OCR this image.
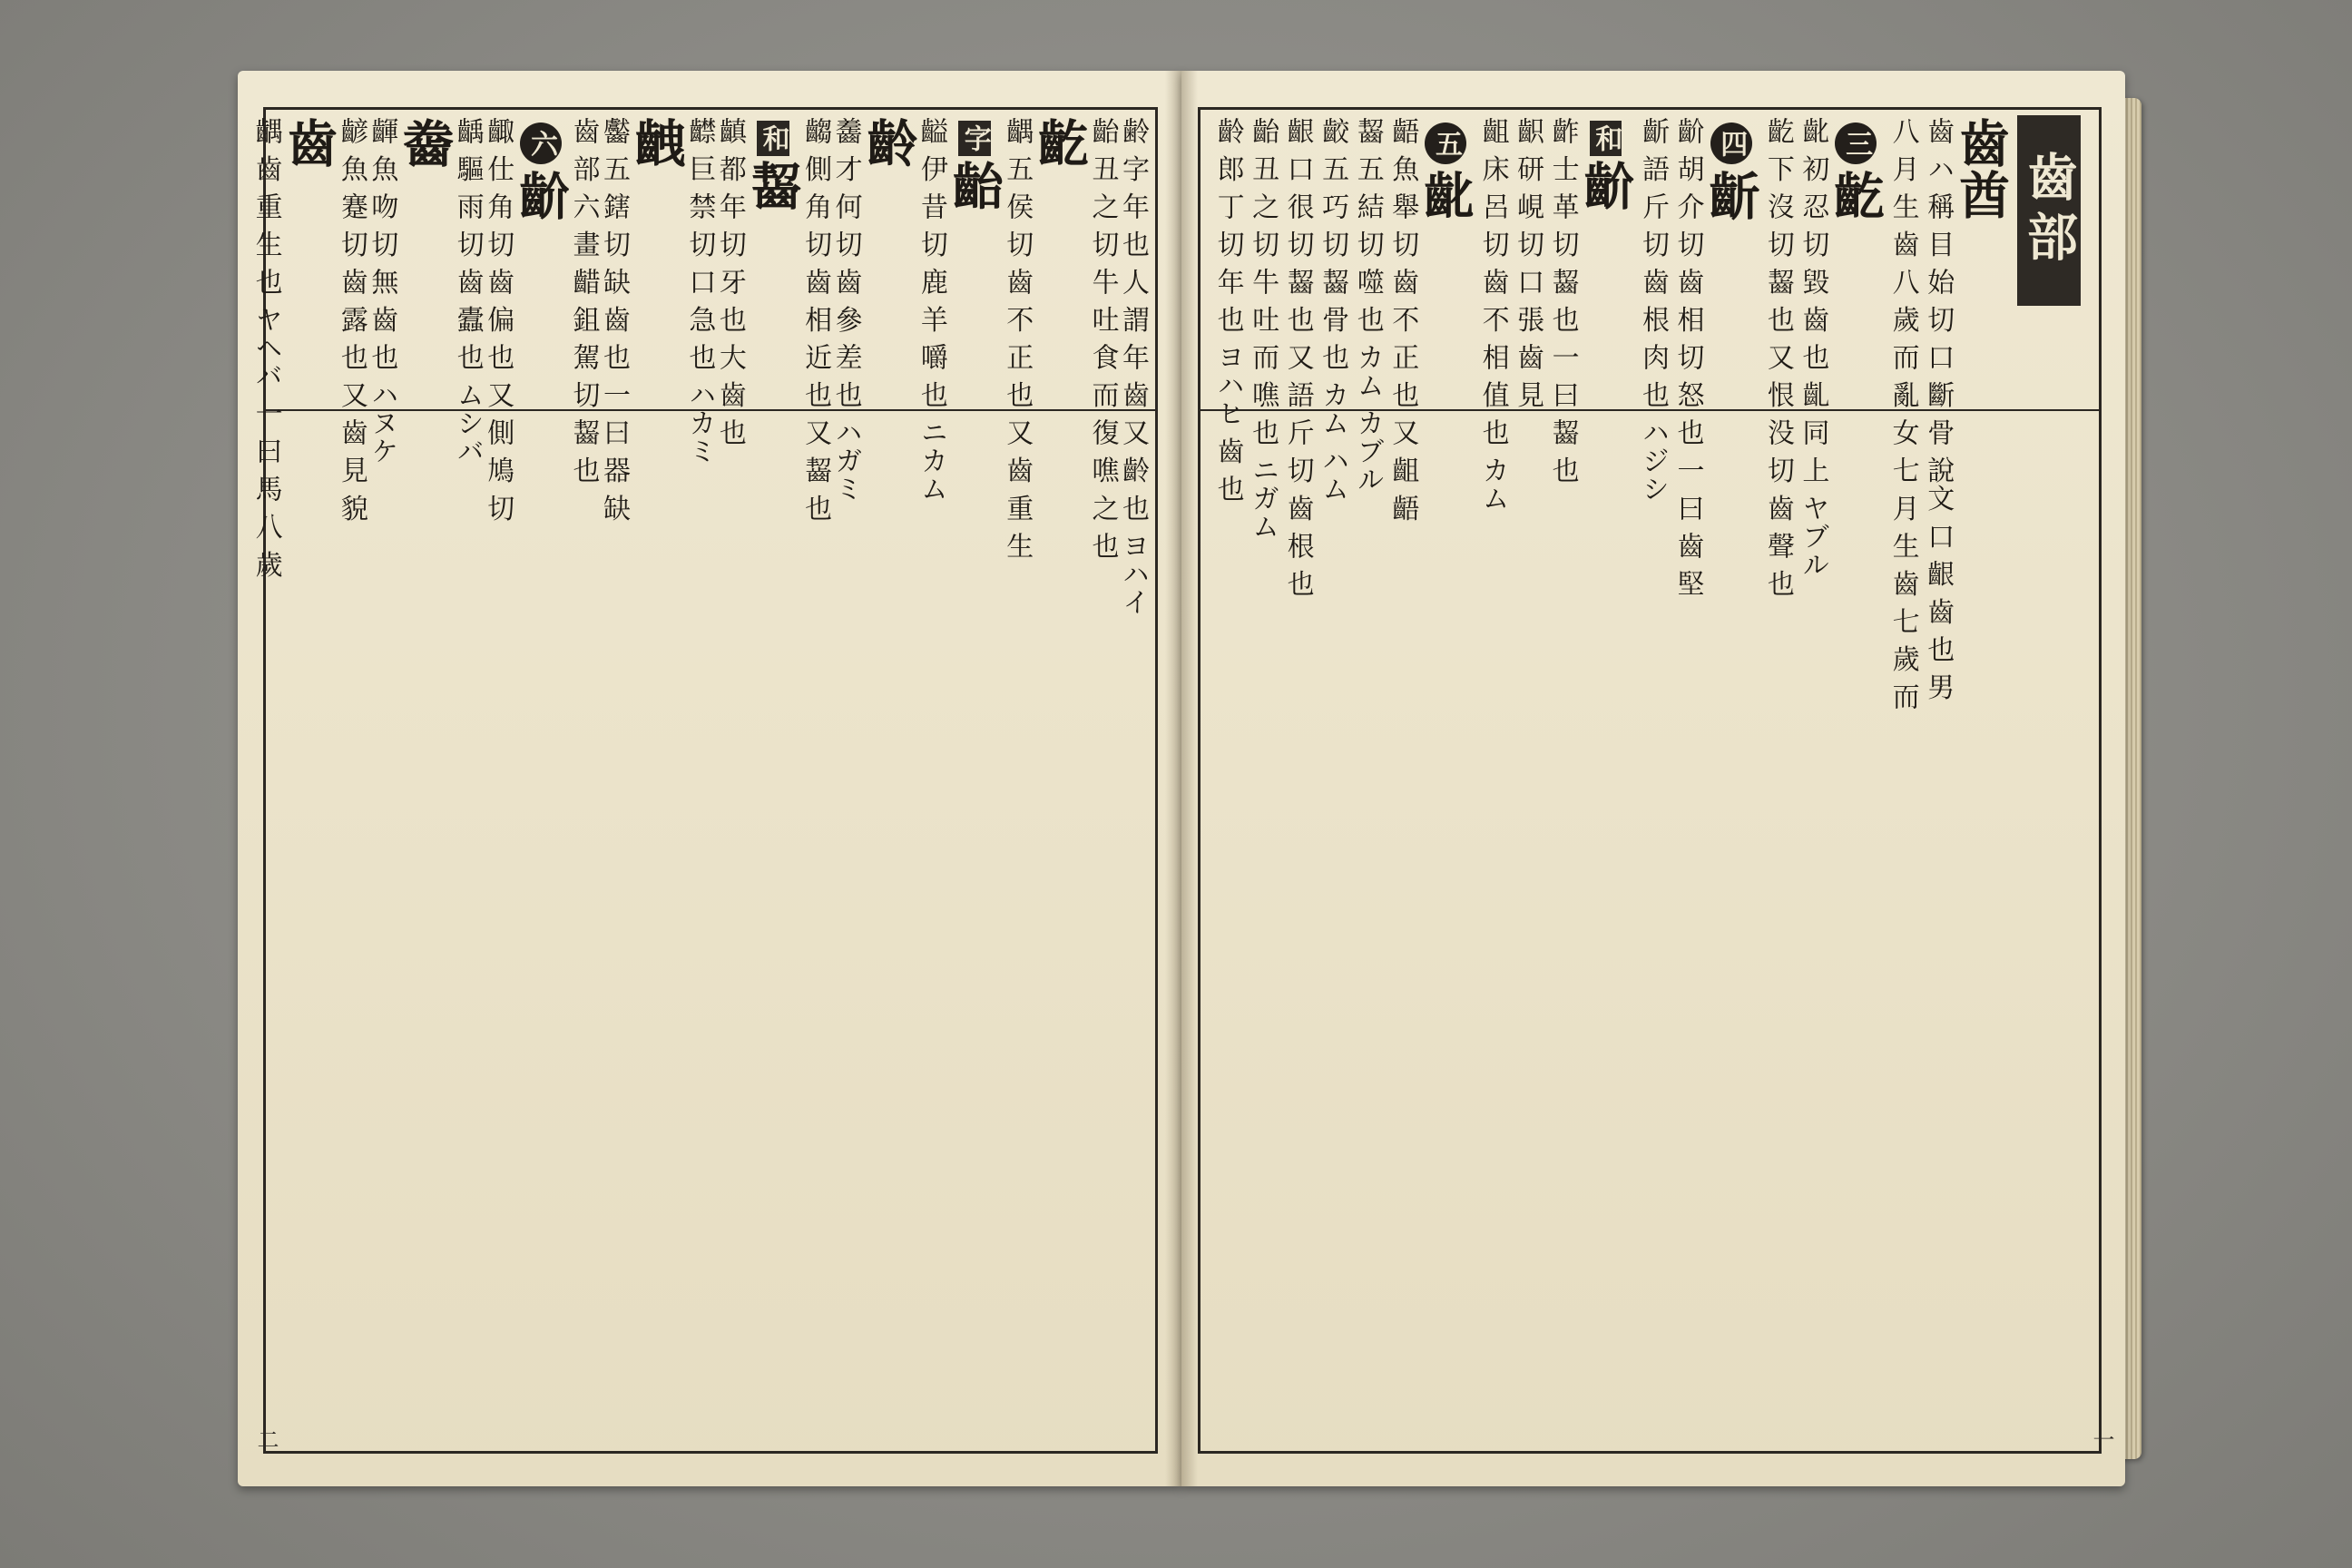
齢 字 年 也 人 謂 年 齒 又 齡 也 ヨハイ
齝 丑 之 切 牛 吐 食 而 復 噍 之 也
齕
齵 五 侯 切 齒 不 正 也 又 齒 重 生
字齝
齸 伊 昔 切 鹿 羊 嚼 也 ニカム
齡
齹 才 何 切 齒 參 差 也 ハガミ
齺 側 角 切 齒 相 近 也 又 齧 也
和齧
齻 都 年 切 牙 也 大 齒 也
齽 巨 禁 切 口 急 也 ハカミ
齥
齾 五 鎋 切 缺 齒 也 一 曰 器 缺
齒 部 六 畫 齰 鉏 駕 切 齧 也
六齘
齱 仕 角 切 齒 偏 也 又 側 鳩 切
齲 驅 雨 切 齒 蠹 也 ムシバ
齤
齳 魚 吻 切 無 齒 也 ハヌケ
齴 魚 蹇 切 齒 露 也 又 齒 見 貌
齒
齵 齒 重 生 也 ヤヘバ 一 曰 馬 八 歲
二
齒部
齒酋
齒 ハ 稱 目 始 切 口 斷 骨 說文 口 齦 齒 也 男
八 月 生 齒 八 歲 而 亂 女 七 月 生 齒 七 歲 而
三齕
齔 初 忍 切 毀 齒 也 齓 同 上 ヤブル
齕 下 沒 切 齧 也 又 恨 没 切 齒 聲 也
四齗
齘 胡 介 切 齒 相 切 怒 也 一 曰 齒 堅
齗 語 斤 切 齒 根 肉 也 ハジシ
和齘
齚 士 革 切 齧 也 一 曰 齧 也
齞 研 峴 切 口 張 齒 見
齟 床 呂 切 齒 不 相 值 也 カム
五齔
齬 魚 舉 切 齒 不 正 也 又 齟 齬
齧 五 結 切 噬 也 カム カブル
齩 五 巧 切 齧 骨 也 カム ハム
齦 口 很 切 齧 也 又 語 斤 切 齒 根 也
齝 丑 之 切 牛 吐 而 噍 也 ニガム
齡 郎 丁 切 年 也 ヨハヒ 齒 也
一
